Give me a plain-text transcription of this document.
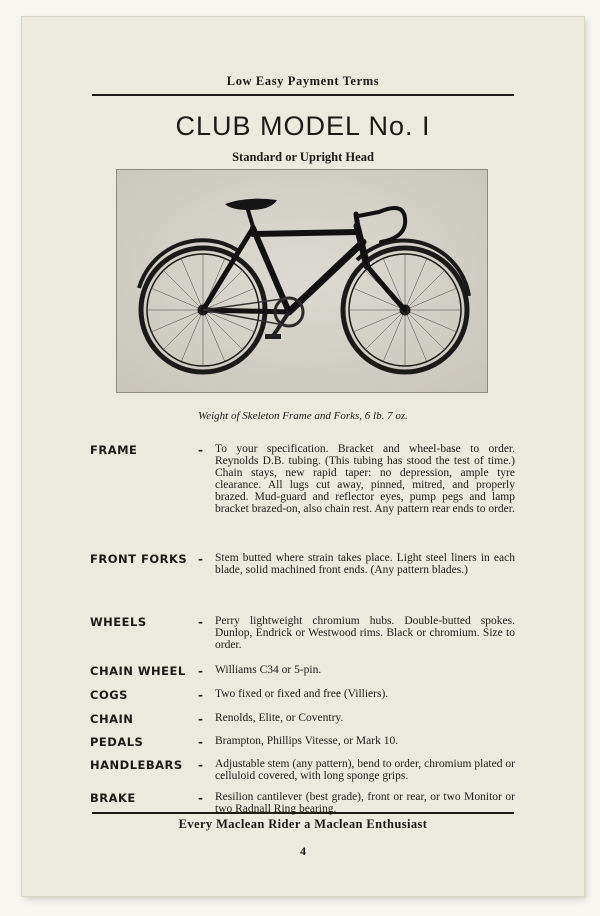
Low Easy Payment Terms
CLUB MODEL No. I
Standard or Upright Head
Weight of Skeleton Frame and Forks, 6 lb. 7 oz.
FRAME	- To your specification. Bracket and wheel-base to order. Reynolds D.B. tubing. (This tubing has stood the test of time.) Chain stays, new rapid taper: no depression, ample tyre clearance. All lugs cut away, pinned, mitred, and properly brazed. Mud-guard and reflector eyes, pump pegs and lamp bracket brazed-on, also chain rest. Any pattern rear ends to order.
FRONT FORKS - Stem butted where strain takes place. Light steel liners in each blade, solid machined front ends. (Any pattern blades.)
WHEELS	- Perry lightweight chromium hubs. Double-butted spokes. Dunlop, Endrick or Westwood rims. Black or chromium. Size to order.
CHAIN WHEEL - Williams C34 or 5-pin.
COGS	- Two fixed or fixed and free (Villiers).
CHAIN	- Renolds, Elite, or Coventry.
PEDALS	- Brampton, Phillips Vitesse, or Mark 10.
HANDLEBARS - Adjustable stem (any pattern), bend to order, chromium plated or celluloid covered, with long sponge grips.
BRAKE	- Resilion cantilever (best grade), front or rear, or two Monitor or two Radnall Ring bearing.
Every Maclean Rider a Maclean Enthusiast
4
